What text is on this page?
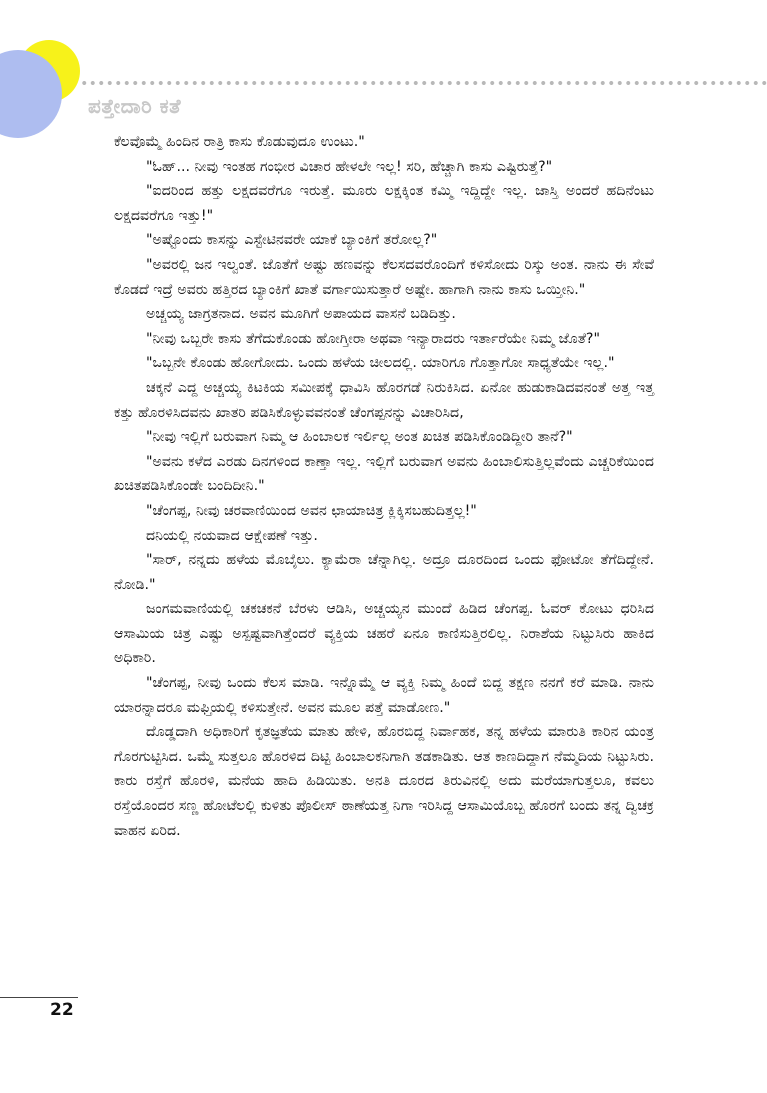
ಪತ್ತೇದಾರಿ ಕತೆ

ಕೆಲವೊಮ್ಮೆ ಹಿಂದಿನ ರಾತ್ರಿ ಕಾಸು ಕೊಡುವುದೂ ಉಂಟು."

"ಓಹ್... ನೀವು ಇಂತಹ ಗಂಭೀರ ವಿಚಾರ ಹೇಳಲೇ ಇಲ್ಲ! ಸರಿ, ಹೆಚ್ಚಾಗಿ ಕಾಸು ಎಷ್ಟಿರುತ್ತೆ?"

"ಐದರಿಂದ ಹತ್ತು ಲಕ್ಷದವರೆಗೂ ಇರುತ್ತೆ. ಮೂರು ಲಕ್ಷಕ್ಕಿಂತ ಕಮ್ಮಿ ಇದ್ದಿದ್ದೇ ಇಲ್ಲ. ಜಾಸ್ತಿ ಅಂದರೆ ಹದಿನೆಂಟು ಲಕ್ಷದವರೆಗೂ ಇತ್ತು!"

"ಅಷ್ಟೊಂದು ಕಾಸನ್ನು ಎಸ್ಟೇಟಿನವರೇ ಯಾಕೆ ಬ್ಯಾಂಕಿಗೆ ತರೋಲ್ಲ?"

"ಅವರಲ್ಲಿ ಜನ ಇಲ್ವಂತೆ. ಜೊತೆಗೆ ಅಷ್ಟು ಹಣವನ್ನು ಕೆಲಸದವರೊಂದಿಗೆ ಕಳಿಸೋದು ರಿಸ್ಕು ಅಂತ. ನಾನು ಈ ಸೇವೆ ಕೊಡದೆ ಇದ್ರೆ ಅವರು ಹತ್ತಿರದ ಬ್ಯಾಂಕಿಗೆ ಖಾತೆ ವರ್ಗಾಯಿಸುತ್ತಾರೆ ಅಷ್ಟೇ. ಹಾಗಾಗಿ ನಾನು ಕಾಸು ಒಯ್ತೀನಿ."

ಅಚ್ಚಯ್ಯ ಜಾಗ್ರತನಾದ. ಅವನ ಮೂಗಿಗೆ ಅಪಾಯದ ವಾಸನೆ ಬಡಿದಿತ್ತು.

"ನೀವು ಒಬ್ಬರೇ ಕಾಸು ತೆಗೆದುಕೊಂಡು ಹೋಗ್ತೀರಾ ಅಥವಾ ಇನ್ಯಾರಾದರು ಇರ್ತಾರೆಯೇ ನಿಮ್ಮ ಜೊತೆ?"

"ಒಬ್ಬನೇ ಕೊಂಡು ಹೋಗೋದು. ಒಂದು ಹಳೆಯ ಚೀಲದಲ್ಲಿ. ಯಾರಿಗೂ ಗೊತ್ತಾಗೋ ಸಾಧ್ಯತೆಯೇ ಇಲ್ಲ."

ಚಕ್ಕನೆ ಎದ್ದ ಅಚ್ಚಯ್ಯ ಕಿಟಕಿಯ ಸಮೀಪಕ್ಕೆ ಧಾವಿಸಿ ಹೊರಗಡೆ ನಿರುಕಿಸಿದ. ಏನೋ ಹುಡುಕಾಡಿದವನಂತೆ ಅತ್ತ ಇತ್ತ ಕತ್ತು ಹೊರಳಿಸಿದವನು ಖಾತರಿ ಪಡಿಸಿಕೊಳ್ಳುವವನಂತೆ ಚೆಂಗಪ್ಪನನ್ನು ವಿಚಾರಿಸಿದ,

"ನೀವು ಇಲ್ಲಿಗೆ ಬರುವಾಗ ನಿಮ್ಮ ಆ ಹಿಂಬಾಲಕ ಇರ್ಲಿಲ್ಲ ಅಂತ ಖಚಿತ ಪಡಿಸಿಕೊಂಡಿದ್ದೀರಿ ತಾನೆ?"

"ಅವನು ಕಳೆದ ಎರಡು ದಿನಗಳಿಂದ ಕಾಣ್ತಾ ಇಲ್ಲ. ಇಲ್ಲಿಗೆ ಬರುವಾಗ ಅವನು ಹಿಂಬಾಲಿಸುತ್ತಿಲ್ಲವೆಂದು ಎಚ್ಚರಿಕೆಯಿಂದ ಖಚಿತಪಡಿಸಿಕೊಂಡೇ ಬಂದಿದೀನಿ."

"ಚೆಂಗಪ್ಪ, ನೀವು ಚರವಾಣಿಯಿಂದ ಅವನ ಛಾಯಾಚಿತ್ರ ಕ್ಲಿಕ್ಕಿಸಬಹುದಿತ್ತಲ್ಲ!"

ದನಿಯಲ್ಲಿ ನಯವಾದ ಆಕ್ಷೇಪಣೆ ಇತ್ತು.

"ಸಾರ್, ನನ್ನದು ಹಳೆಯ ಮೊಬೈಲು. ಕ್ಯಾಮೆರಾ ಚೆನ್ನಾಗಿಲ್ಲ. ಅದ್ರೂ ದೂರದಿಂದ ಒಂದು ಫೋಟೋ ತೆಗೆದಿದ್ದೇನೆ. ನೋಡಿ."

ಜಂಗಮವಾಣಿಯಲ್ಲಿ ಚಕಚಕನೆ ಬೆರಳು ಆಡಿಸಿ, ಅಚ್ಚಯ್ಯನ ಮುಂದೆ ಹಿಡಿದ ಚೆಂಗಪ್ಪ. ಓವರ್ ಕೋಟು ಧರಿಸಿದ ಆಸಾಮಿಯ ಚಿತ್ರ ಎಷ್ಟು ಅಸ್ಪಷ್ಟವಾಗಿತ್ತೆಂದರೆ ವ್ಯಕ್ತಿಯ ಚಹರೆ ಏನೂ ಕಾಣಿಸುತ್ತಿರಲಿಲ್ಲ. ನಿರಾಶೆಯ ನಿಟ್ಟುಸಿರು ಹಾಕಿದ ಅಧಿಕಾರಿ.

"ಚೆಂಗಪ್ಪ, ನೀವು ಒಂದು ಕೆಲಸ ಮಾಡಿ. ಇನ್ನೊಮ್ಮೆ ಆ ವ್ಯಕ್ತಿ ನಿಮ್ಮ ಹಿಂದೆ ಬಿದ್ದ ತಕ್ಷಣ ನನಗೆ ಕರೆ ಮಾಡಿ. ನಾನು ಯಾರನ್ನಾದರೂ ಮಫ್ತಿಯಲ್ಲಿ ಕಳಿಸುತ್ತೇನೆ. ಅವನ ಮೂಲ ಪತ್ತೆ ಮಾಡೋಣ."

ದೊಡ್ಡದಾಗಿ ಅಧಿಕಾರಿಗೆ ಕೃತಜ್ಞತೆಯ ಮಾತು ಹೇಳಿ, ಹೊರಬಿದ್ದ ನಿರ್ವಾಹಕ, ತನ್ನ ಹಳೆಯ ಮಾರುತಿ ಕಾರಿನ ಯಂತ್ರ ಗೊರಗುಟ್ಟಿಸಿದ. ಒಮ್ಮೆ ಸುತ್ತಲೂ ಹೊರಳಿದ ದಿಟ್ಟಿ ಹಿಂಬಾಲಕನಿಗಾಗಿ ತಡಕಾಡಿತು. ಆತ ಕಾಣದಿದ್ದಾಗ ನೆಮ್ಮದಿಯ ನಿಟ್ಟುಸಿರು. ಕಾರು ರಸ್ತೆಗೆ ಹೊರಳಿ, ಮನೆಯ ಹಾದಿ ಹಿಡಿಯಿತು. ಅನತಿ ದೂರದ ತಿರುವಿನಲ್ಲಿ ಅದು ಮರೆಯಾಗುತ್ತಲೂ, ಕವಲು ರಸ್ತೆಯೊಂದರ ಸಣ್ಣ ಹೋಟೆಲಲ್ಲಿ ಕುಳಿತು ಪೊಲೀಸ್ ಠಾಣೆಯತ್ತ ನಿಗಾ ಇರಿಸಿದ್ದ ಆಸಾಮಿಯೊಬ್ಬ ಹೊರಗೆ ಬಂದು ತನ್ನ ದ್ವಿಚಕ್ರ ವಾಹನ ಏರಿದ.

22
